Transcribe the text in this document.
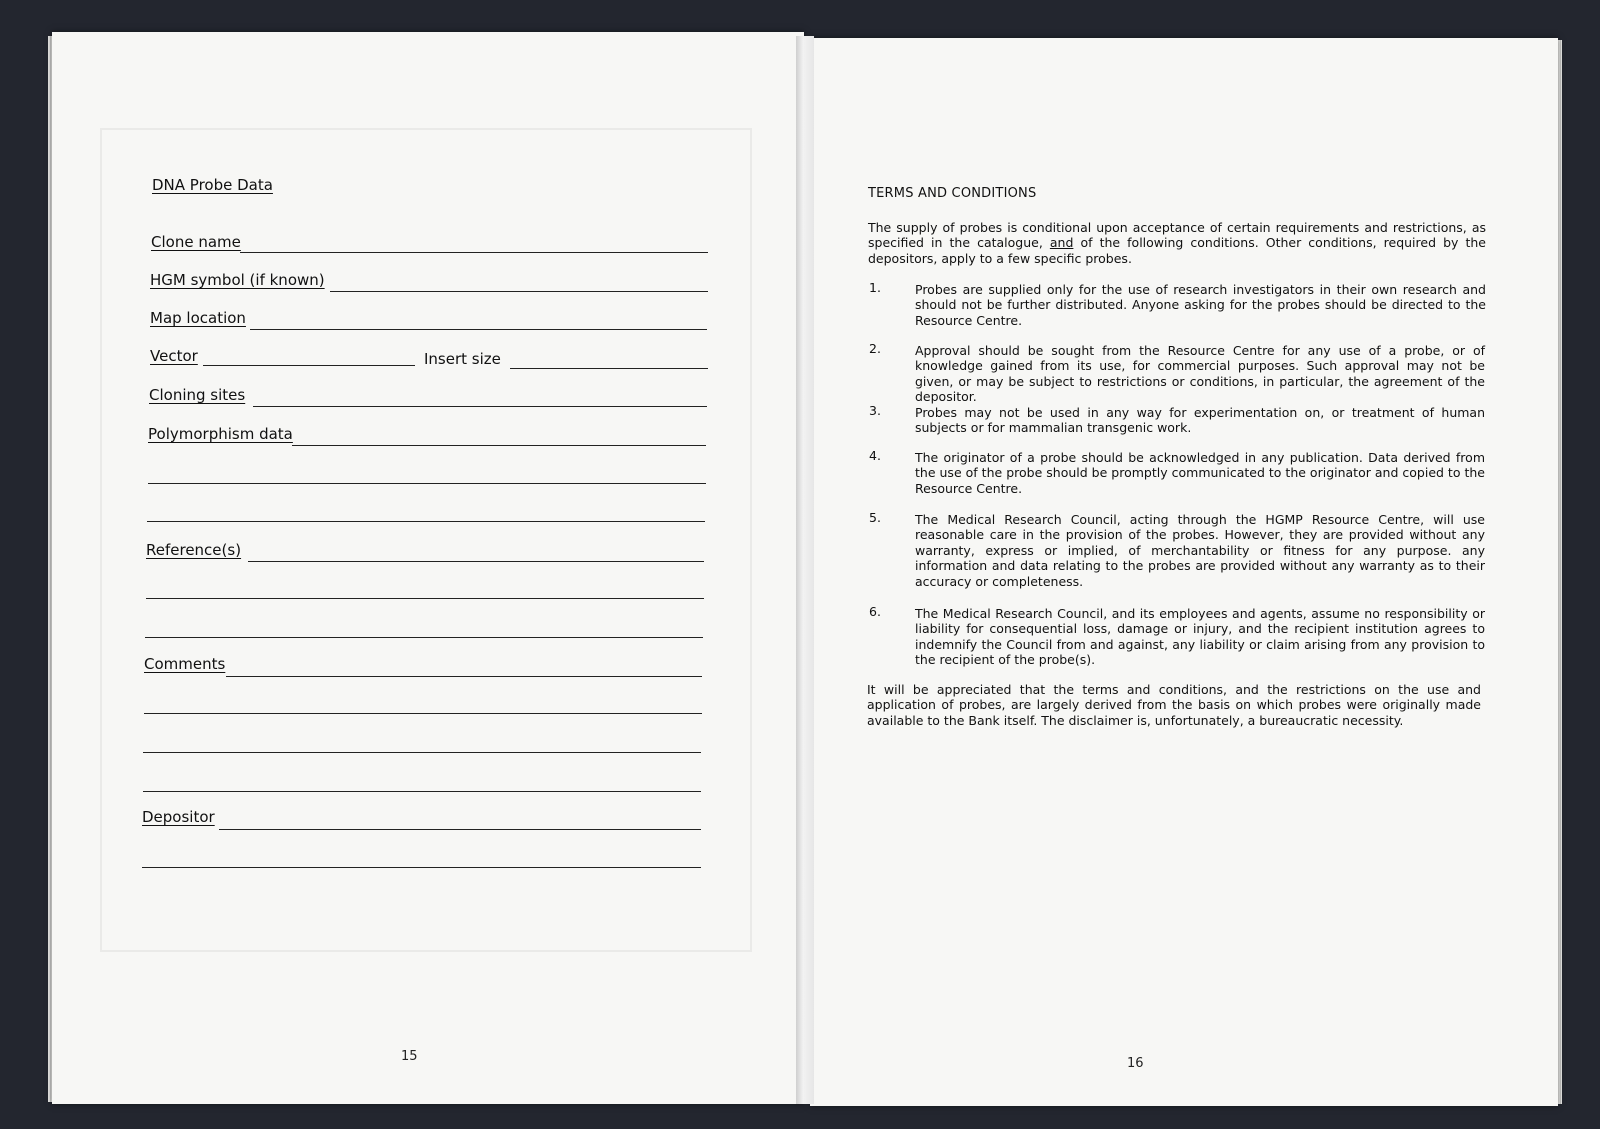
DNA Probe Data
Clone name
HGM symbol (if known)
Map location
Vector	Insert size
Cloning sites
Polymorphism data
Reference(s)
Comments
Depositor
15
TERMS AND CONDITIONS
The supply of probes is conditional upon acceptance of certain requirements and restrictions, as specified in the catalogue, and of the following conditions. Other conditions, required by the depositors, apply to a few specific probes.
1.	Probes are supplied only for the use of research investigators in their own research and should not be further distributed. Anyone asking for the probes should be directed to the Resource Centre.
2.	Approval should be sought from the Resource Centre for any use of a probe, or of knowledge gained from its use, for commercial purposes. Such approval may not be given, or may be subject to restrictions or conditions, in particular, the agreement of the depositor.
3.	Probes may not be used in any way for experimentation on, or treatment of human subjects or for mammalian transgenic work.
4.	The originator of a probe should be acknowledged in any publication. Data derived from the use of the probe should be promptly communicated to the originator and copied to the Resource Centre.
5.	The Medical Research Council, acting through the HGMP Resource Centre, will use reasonable care in the provision of the probes. However, they are provided without any warranty, express or implied, of merchantability or fitness for any purpose. any information and data relating to the probes are provided without any warranty as to their accuracy or completeness.
6.	The Medical Research Council, and its employees and agents, assume no responsibility or liability for consequential loss, damage or injury, and the recipient institution agrees to indemnify the Council from and against, any liability or claim arising from any provision to the recipient of the probe(s).
It will be appreciated that the terms and conditions, and the restrictions on the use and application of probes, are largely derived from the basis on which probes were originally made available to the Bank itself. The disclaimer is, unfortunately, a bureaucratic necessity.
16
